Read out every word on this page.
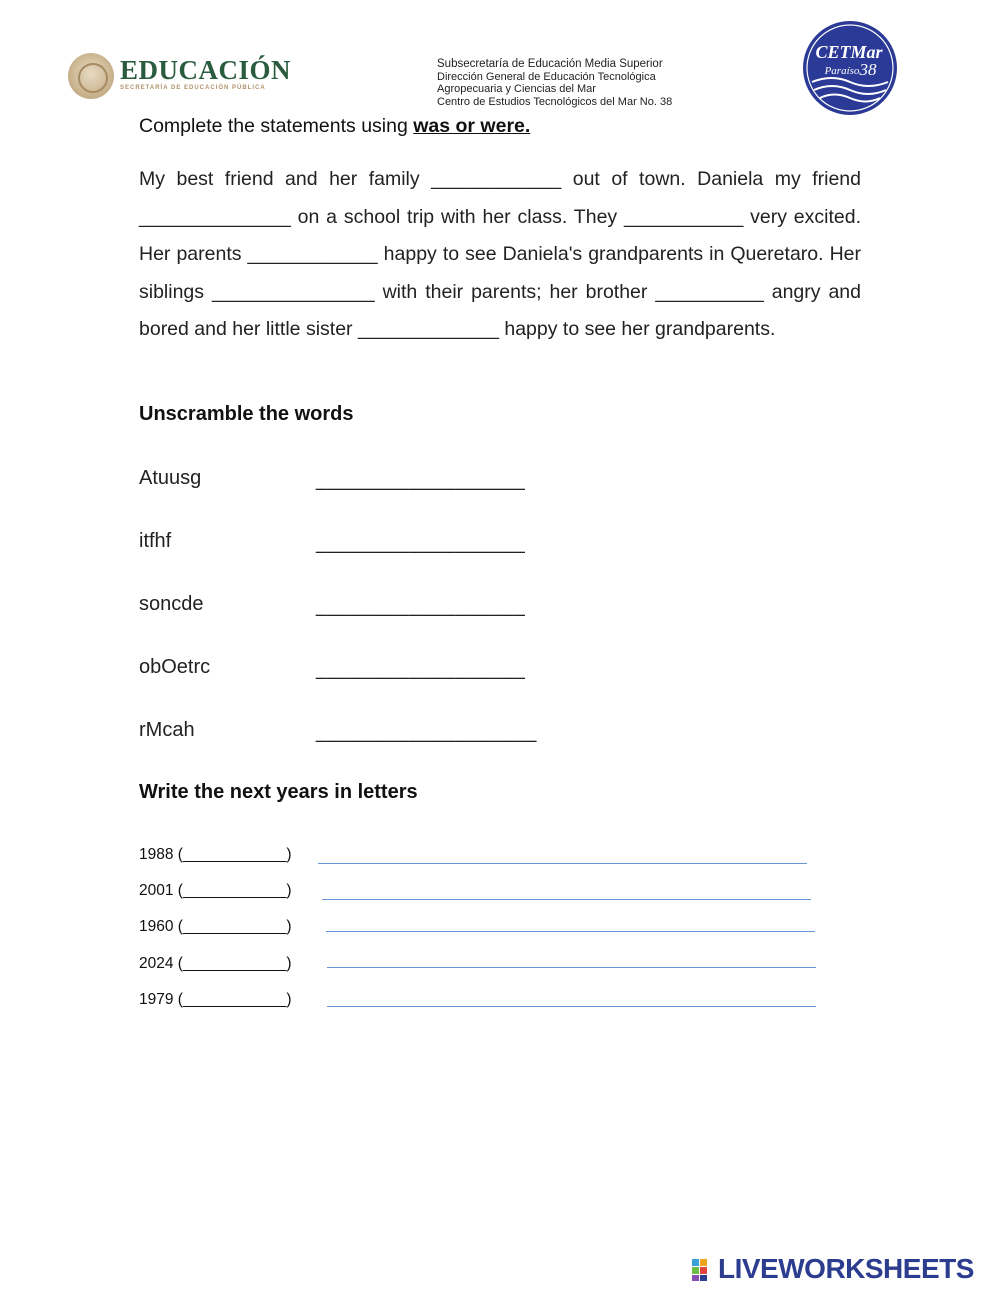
EDUCACIÓN
SECRETARÍA DE EDUCACIÓN PÚBLICA
Subsecretaría de Educación Media Superior
Dirección General de Educación Tecnológica
Agropecuaria y Ciencias del Mar
Centro de Estudios Tecnológicos del Mar No. 38
CETMar
Paraíso 38
Complete the statements using was or were.
My best friend and her family ____________ out of town. Daniela my friend ______________ on a school trip with her class. They ___________ very excited. Her parents ____________ happy to see Daniela's grandparents in Queretaro. Her siblings _______________ with their parents; her brother __________ angry and bored and her little sister _____________ happy to see her grandparents.
Unscramble the words
Atuusg	__________________
itfhf	__________________
soncde	__________________
obOetrc	__________________
rMcah	___________________
Write the next years in letters
1988 (____________)
2001 (____________)
1960 (____________)
2024 (____________)
1979 (____________)
LIVEWORKSHEETS
